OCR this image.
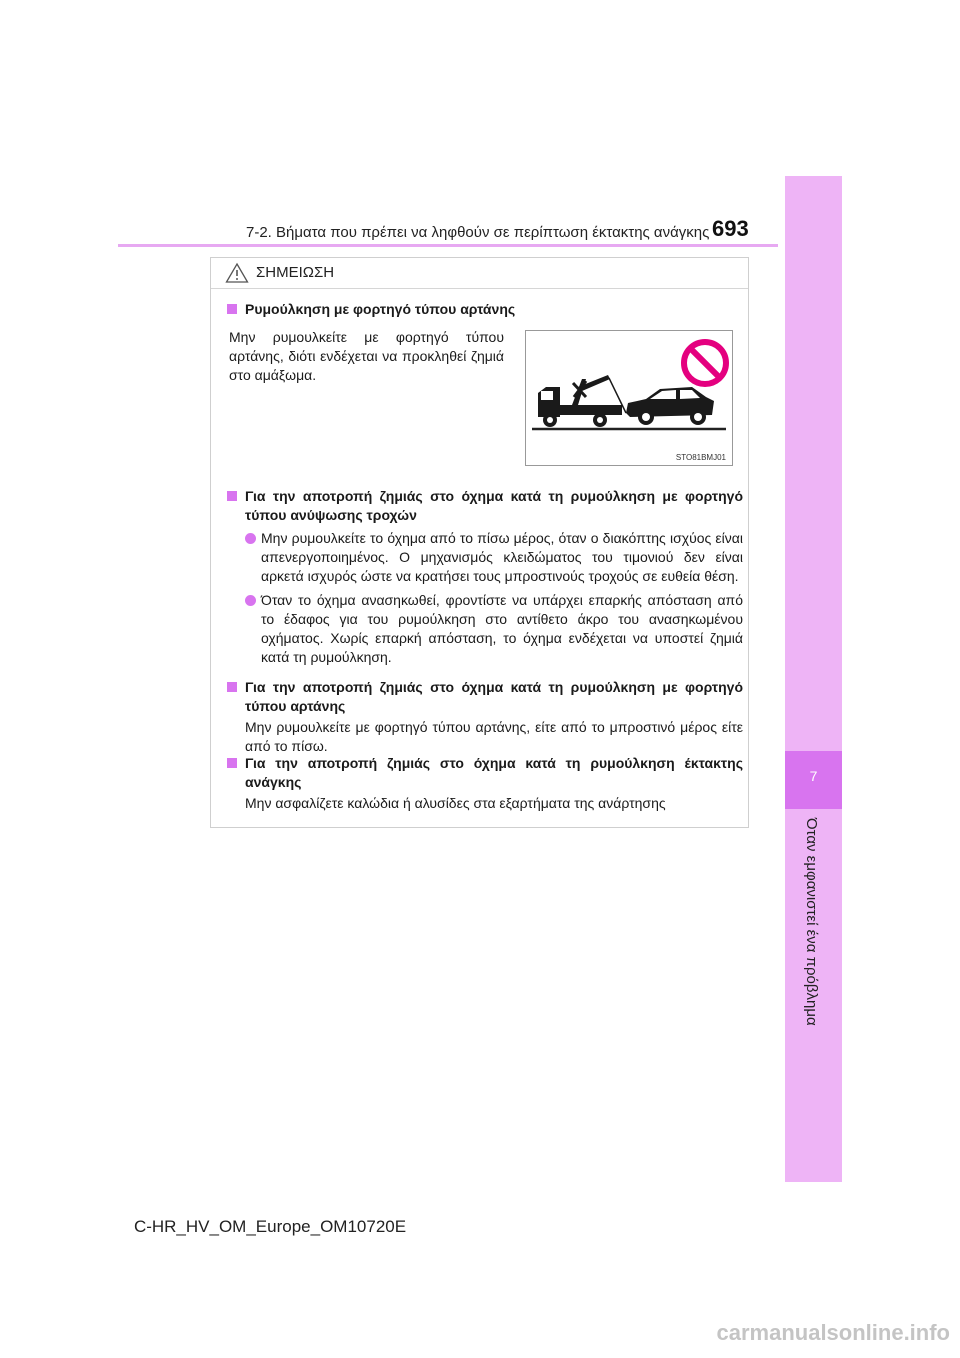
7-2. Βήματα που πρέπει να ληφθούν σε περίπτωση έκτακτης ανάγκης 693
7
Όταν εμφανιστεί ένα πρόβλημα
ΣΗΜΕΙΩΣΗ
Ρυμούλκηση με φορτηγό τύπου αρτάνης
Μην ρυμουλκείτε με φορτηγό τύπου αρτάνης, διότι ενδέχεται να προκληθεί ζημιά στο αμάξωμα.
Για την αποτροπή ζημιάς στο όχημα κατά τη ρυμούλκηση με φορτηγό τύπου ανύψωσης τροχών
Μην ρυμουλκείτε το όχημα από το πίσω μέρος, όταν ο διακόπτης ισχύος είναι απενεργοποιημένος. Ο μηχανισμός κλειδώματος του τιμονιού δεν είναι αρκετά ισχυρός ώστε να κρατήσει τους μπροστινούς τροχούς σε ευθεία θέση.
Όταν το όχημα ανασηκωθεί, φροντίστε να υπάρχει επαρκής απόσταση από το έδαφος για του ρυμούλκηση στο αντίθετο άκρο του ανασηκωμένου οχήματος. Χωρίς επαρκή απόσταση, το όχημα ενδέχεται να υποστεί ζημιά κατά τη ρυμούλκηση.
Για την αποτροπή ζημιάς στο όχημα κατά τη ρυμούλκηση με φορτηγό τύπου αρτάνης
Μην ρυμουλκείτε με φορτηγό τύπου αρτάνης, είτε από το μπροστινό μέρος είτε από το πίσω.
Για την αποτροπή ζημιάς στο όχημα κατά τη ρυμούλκηση έκτακτης ανάγκης
Μην ασφαλίζετε καλώδια ή αλυσίδες στα εξαρτήματα της ανάρτησης
STO81BMJ01
C-HR_HV_OM_Europe_OM10720E
carmanualsonline.info
